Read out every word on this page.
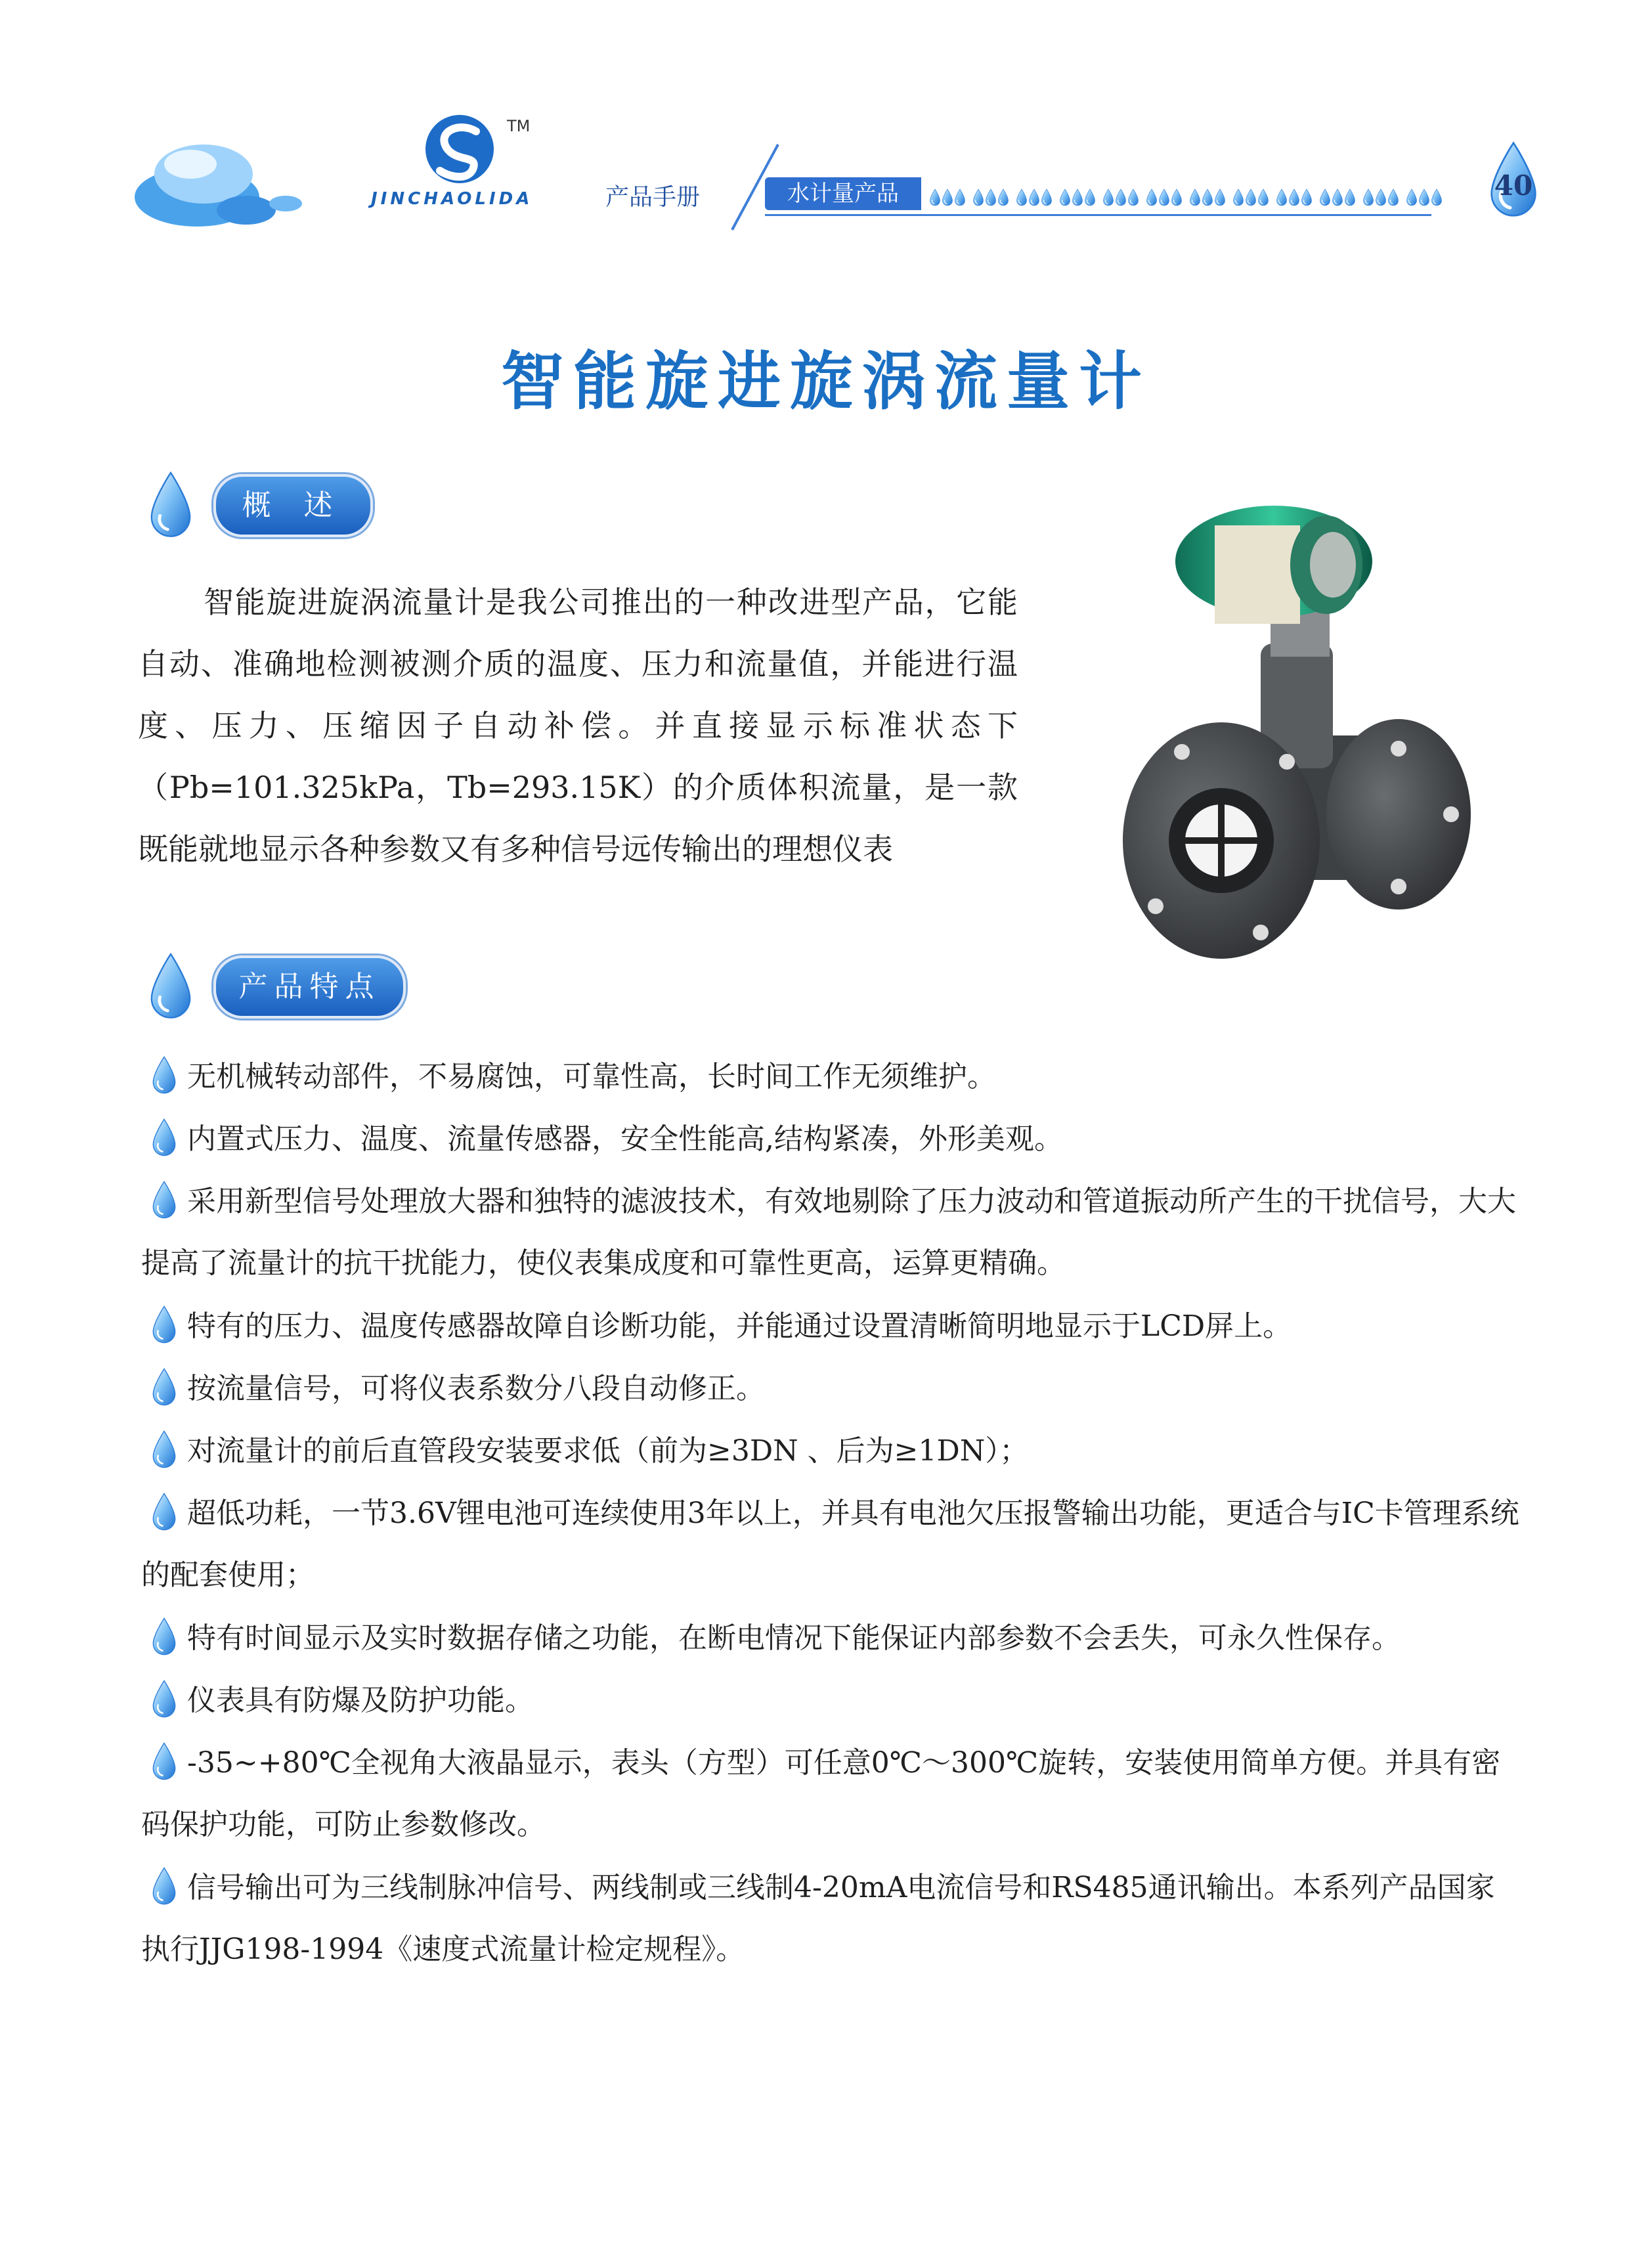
TM
JINCHAOLIDA	产品手册	水计量产品	40
智能旋进旋涡流量计
概 述
智能旋进旋涡流量计是我公司推出的一种改进型产品，它能自动、准确地检测被测介质的温度、压力和流量值，并能进行温度、压力、压缩因子自动补偿。并直接显示标准状态下（Pb=101.325kPa，Tb=293.15K）的介质体积流量，是一款既能就地显示各种参数又有多种信号远传输出的理想仪表
产品特点
无机械转动部件，不易腐蚀，可靠性高，长时间工作无须维护。
内置式压力、温度、流量传感器，安全性能高,结构紧凑，外形美观。
采用新型信号处理放大器和独特的滤波技术，有效地剔除了压力波动和管道振动所产生的干扰信号，大大提高了流量计的抗干扰能力，使仪表集成度和可靠性更高，运算更精确。
特有的压力、温度传感器故障自诊断功能，并能通过设置清晰简明地显示于LCD屏上。
按流量信号，可将仪表系数分八段自动修正。
对流量计的前后直管段安装要求低（前为≥3DN 、后为≥1DN）；
超低功耗，一节3.6V锂电池可连续使用3年以上，并具有电池欠压报警输出功能，更适合与IC卡管理系统的配套使用；
特有时间显示及实时数据存储之功能，在断电情况下能保证内部参数不会丢失，可永久性保存。
仪表具有防爆及防护功能。
-35~+80℃全视角大液晶显示，表头（方型）可任意0℃～300℃旋转，安装使用简单方便。并具有密码保护功能，可防止参数修改。
信号输出可为三线制脉冲信号、两线制或三线制4-20mA电流信号和RS485通讯输出。本系列产品国家执行JJG198-1994《速度式流量计检定规程》。
